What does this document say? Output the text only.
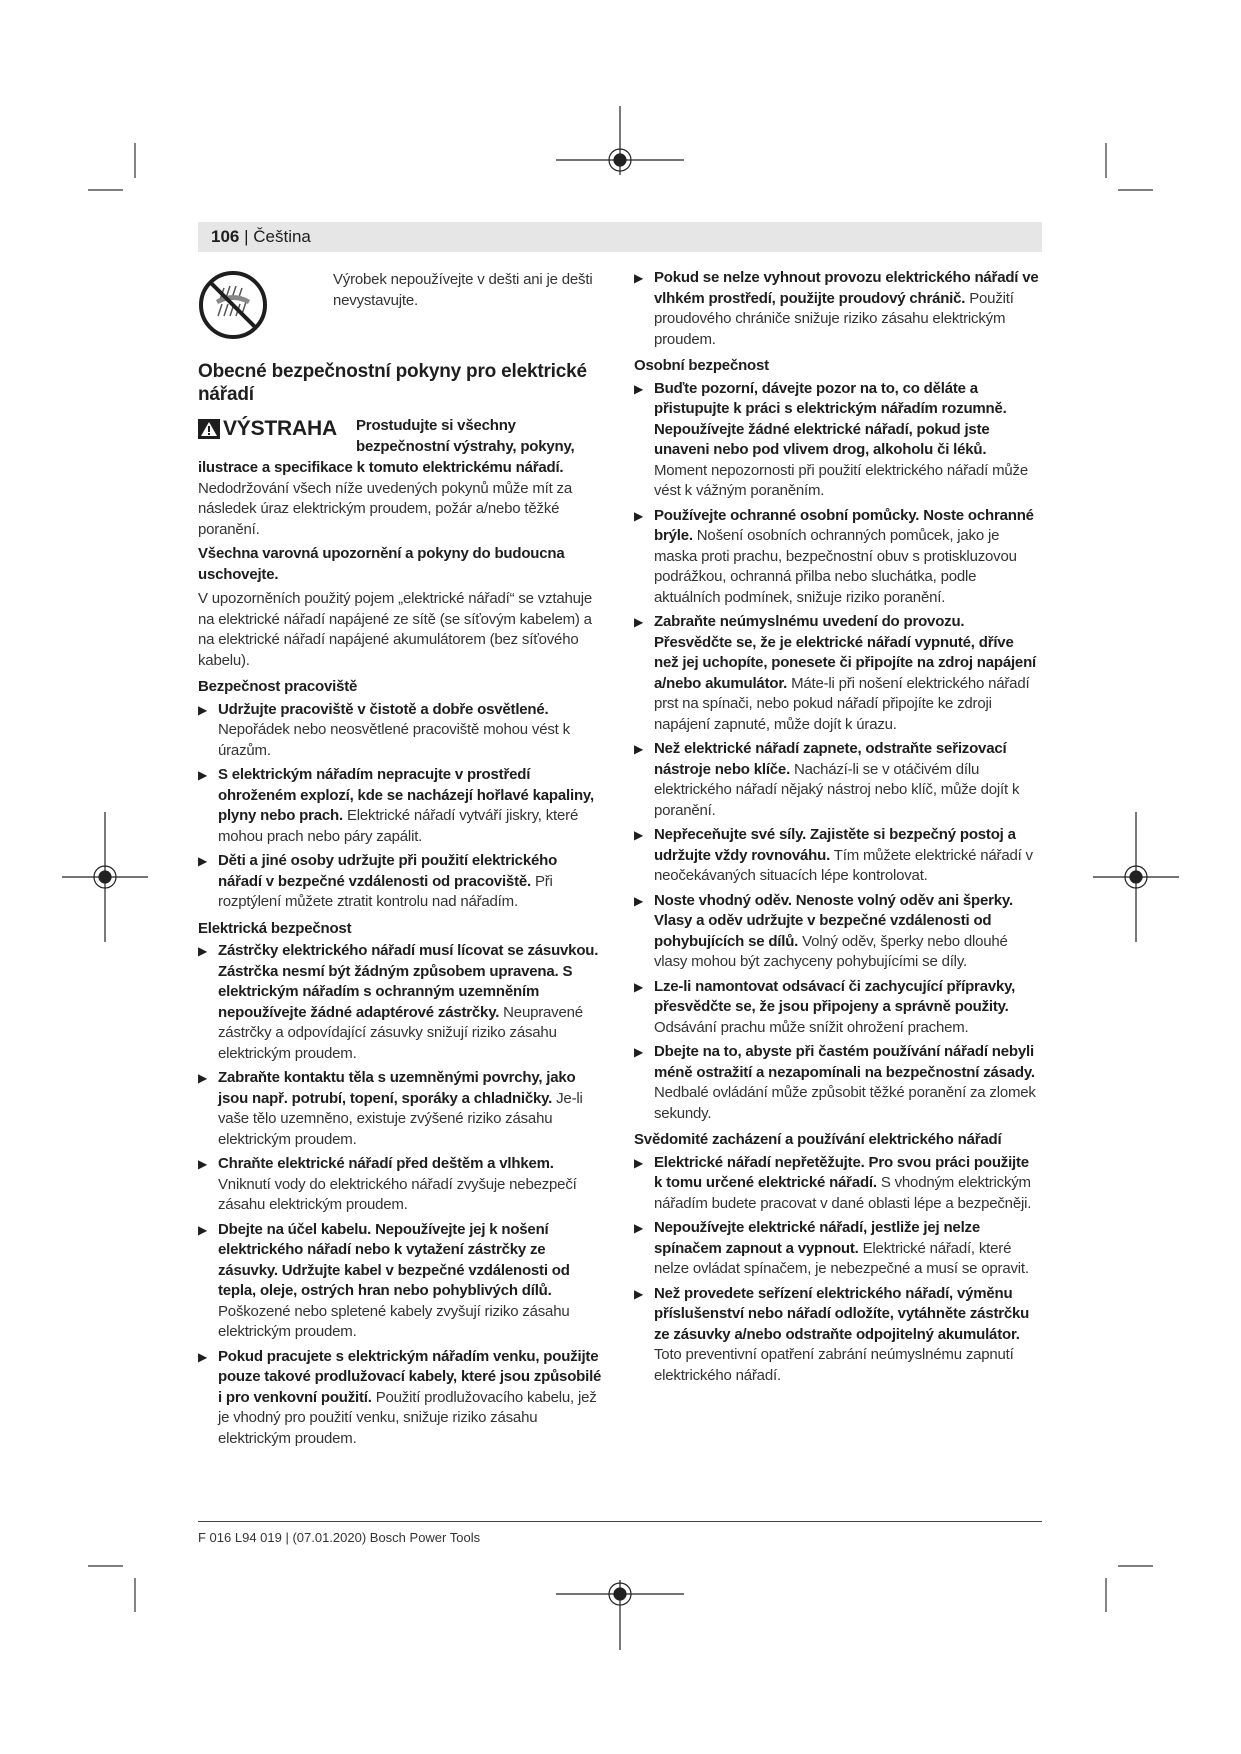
106 | Čeština

Výrobek nepoužívejte v dešti ani je dešti nevystavujte.

Obecné bezpečnostní pokyny pro elektrické nářadí

VÝSTRAHA Prostudujte si všechny bezpečnostní výstrahy, pokyny,

ilustrace a specifikace k tomuto elektrickému nářadí.

Nedodržování všech níže uvedených pokynů může mít za následek úraz elektrickým proudem, požár a/nebo těžké poranění.

Všechna varovná upozornění a pokyny do budoucna uschovejte.

V upozorněních použitý pojem „elektrické nářadí“ se vztahuje na elektrické nářadí napájené ze sítě (se síťovým kabelem) a na elektrické nářadí napájené akumulátorem (bez síťového kabelu).

Bezpečnost pracoviště

▶ Udržujte pracoviště v čistotě a dobře osvětlené. Nepořádek nebo neosvětlené pracoviště mohou vést k úrazům.
▶ S elektrickým nářadím nepracujte v prostředí ohroženém explozí, kde se nacházejí hořlavé kapaliny, plyny nebo prach. Elektrické nářadí vytváří jiskry, které mohou prach nebo páry zapálit.
▶ Děti a jiné osoby udržujte při použití elektrického nářadí v bezpečné vzdálenosti od pracoviště. Při rozptýlení můžete ztratit kontrolu nad nářadím.

Elektrická bezpečnost

▶ Zástrčky elektrického nářadí musí lícovat se zásuvkou. Zástrčka nesmí být žádným způsobem upravena. S elektrickým nářadím s ochranným uzemněním nepoužívejte žádné adaptérové zástrčky. Neupravené zástrčky a odpovídající zásuvky snižují riziko zásahu elektrickým proudem.
▶ Zabraňte kontaktu těla s uzemněnými povrchy, jako jsou např. potrubí, topení, sporáky a chladničky. Je-li vaše tělo uzemněno, existuje zvýšené riziko zásahu elektrickým proudem.
▶ Chraňte elektrické nářadí před deštěm a vlhkem. Vniknutí vody do elektrického nářadí zvyšuje nebezpečí zásahu elektrickým proudem.
▶ Dbejte na účel kabelu. Nepoužívejte jej k nošení elektrického nářadí nebo k vytažení zástrčky ze zásuvky. Udržujte kabel v bezpečné vzdálenosti od tepla, oleje, ostrých hran nebo pohyblivých dílů. Poškozené nebo spletené kabely zvyšují riziko zásahu elektrickým proudem.
▶ Pokud pracujete s elektrickým nářadím venku, použijte pouze takové prodlužovací kabely, které jsou způsobilé i pro venkovní použití. Použití prodlužovacího kabelu, jež je vhodný pro použití venku, snižuje riziko zásahu elektrickým proudem.
▶ Pokud se nelze vyhnout provozu elektrického nářadí ve vlhkém prostředí, použijte proudový chránič. Použití proudového chrániče snižuje riziko zásahu elektrickým proudem.

Osobní bezpečnost

▶ Buďte pozorní, dávejte pozor na to, co děláte a přistupujte k práci s elektrickým nářadím rozumně. Nepoužívejte žádné elektrické nářadí, pokud jste unaveni nebo pod vlivem drog, alkoholu či léků. Moment nepozornosti při použití elektrického nářadí může vést k vážným poraněním.
▶ Používejte ochranné osobní pomůcky. Noste ochranné brýle. Nošení osobních ochranných pomůcek, jako je maska proti prachu, bezpečnostní obuv s protiskluzovou podrážkou, ochranná přilba nebo sluchátka, podle aktuálních podmínek, snižuje riziko poranění.
▶ Zabraňte neúmyslnému uvedení do provozu. Přesvědčte se, že je elektrické nářadí vypnuté, dříve než jej uchopíte, ponesete či připojíte na zdroj napájení a/nebo akumulátor. Máte-li při nošení elektrického nářadí prst na spínači, nebo pokud nářadí připojíte ke zdroji napájení zapnuté, může dojít k úrazu.
▶ Než elektrické nářadí zapnete, odstraňte seřizovací nástroje nebo klíče. Nachází-li se v otáčivém dílu elektrického nářadí nějaký nástroj nebo klíč, může dojít k poranění.
▶ Nepřeceňujte své síly. Zajistěte si bezpečný postoj a udržujte vždy rovnováhu. Tím můžete elektrické nářadí v neočekávaných situacích lépe kontrolovat.
▶ Noste vhodný oděv. Nenoste volný oděv ani šperky. Vlasy a oděv udržujte v bezpečné vzdálenosti od pohybujících se dílů. Volný oděv, šperky nebo dlouhé vlasy mohou být zachyceny pohybujícími se díly.
▶ Lze-li namontovat odsávací či zachycující přípravky, přesvědčte se, že jsou připojeny a správně použity. Odsávání prachu může snížit ohrožení prachem.
▶ Dbejte na to, abyste při častém používání nářadí nebyli méně ostražití a nezapomínali na bezpečnostní zásady. Nedbalé ovládání může způsobit těžké poranění za zlomek sekundy.

Svědomité zacházení a používání elektrického nářadí

▶ Elektrické nářadí nepřetěžujte. Pro svou práci použijte k tomu určené elektrické nářadí. S vhodným elektrickým nářadím budete pracovat v dané oblasti lépe a bezpečněji.
▶ Nepoužívejte elektrické nářadí, jestliže jej nelze spínačem zapnout a vypnout. Elektrické nářadí, které nelze ovládat spínačem, je nebezpečné a musí se opravit.
▶ Než provedete seřízení elektrického nářadí, výměnu příslušenství nebo nářadí odložíte, vytáhněte zástrčku ze zásuvky a/nebo odstraňte odpojitelný akumulátor. Toto preventivní opatření zabrání neúmyslnému zapnutí elektrického nářadí.
F 016 L94 019 | (07.01.2020) Bosch Power Tools
